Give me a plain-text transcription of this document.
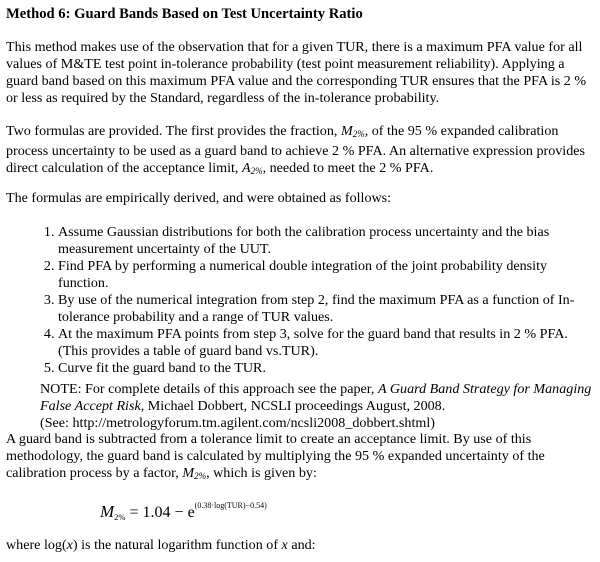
Method 6: Guard Bands Based on Test Uncertainty Ratio

This method makes use of the observation that for a given TUR, there is a maximum PFA value for all values of M&TE test point in-tolerance probability (test point measurement reliability). Applying a guard band based on this maximum PFA value and the corresponding TUR ensures that the PFA is 2 % or less as required by the Standard, regardless of the in-tolerance probability.

Two formulas are provided. The first provides the fraction, M2%, of the 95 % expanded calibration process uncertainty to be used as a guard band to achieve 2 % PFA. An alternative expression provides direct calculation of the acceptance limit, A2%, needed to meet the 2 % PFA.

The formulas are empirically derived, and were obtained as follows:

1. Assume Gaussian distributions for both the calibration process uncertainty and the bias measurement uncertainty of the UUT.
2. Find PFA by performing a numerical double integration of the joint probability density function.
3. By use of the numerical integration from step 2, find the maximum PFA as a function of In-tolerance probability and a range of TUR values.
4. At the maximum PFA points from step 3, solve for the guard band that results in 2 % PFA. (This provides a table of guard band vs.TUR).
5. Curve fit the guard band to the TUR.

NOTE: For complete details of this approach see the paper, A Guard Band Strategy for Managing False Accept Risk, Michael Dobbert, NCSLI proceedings August, 2008.

(See: http://metrologyforum.tm.agilent.com/ncsli2008_dobbert.shtml)

A guard band is subtracted from a tolerance limit to create an acceptance limit. By use of this methodology, the guard band is calculated by multiplying the 95 % expanded uncertainty of the calibration process by a factor, M2%, which is given by:

$M_{2\%} = 1.04 - e^{(0.38\cdot log(TUR)-0.54)}$

where log(x) is the natural logarithm function of x and:
